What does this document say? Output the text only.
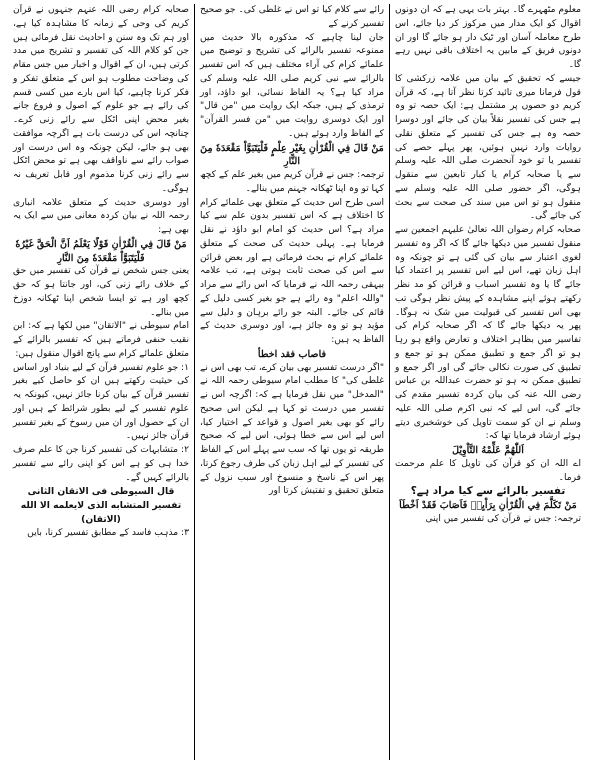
معلوم مٹھہرے گا۔ بہتر بات یہی ہے کہ ان دونوں اقوال کو ایک مدار میں مرکوز کر دیا جائے، اس طرح معاملہ آسان اور ٹیک دار ہو جائے گا اور ان دونوں فریق کے مابین یہ اختلاف باقی نہیں رہے گا۔

جیسے کہ تحقیق کے بیان میں علامہ زرکشی کا قول فرمانا میری تائید کرتا نظر آتا ہے، کہ قرآن کریم دو حصوں پر مشتمل ہے: ایک حصہ تو وہ ہے جس کی تفسیر نقلاً بیان کی جائے اور دوسرا حصہ وہ ہے جس کی تفسیر کے متعلق نقلی روایات وارد نہیں ہوئیں، پھر پہلے حصے کی تفسیر یا تو خود آنحضرت صلی اللہ علیہ وسلم سے یا صحابہ کرام یا کبار تابعین سے منقول ہوگی، اگر حضور صلی اللہ علیہ وسلم سے منقول ہو تو اس میں سند کی صحت سے بحث کی جائے گی۔

صحابہ کرام رضوان اللہ تعالیٰ علیہم اجمعین سے منقول تفسیر میں دیکھا جائے گا کہ اگر وہ تفسیر لغوی اعتبار سے بیان کی گئی ہے تو چونکہ وہ اہل زبان تھے، اس لیے اس تفسیر پر اعتماد کیا جائے گا یا وہ تفسیر اسباب و قرائن کو مد نظر رکھتے ہوئے اپنے مشاہدہ کے پیش نظر ہوگی تب بھی اس تفسیر کی قبولیت میں شک نہ ہوگا۔ پھر یہ دیکھا جائے گا کہ اگر صحابہ کرام کی تفاسیر میں بظاہر اختلاف و تعارض واقع ہو رہا ہو تو اگر جمع و تطبیق ممکن ہو تو جمع و تطبیق کی صورت نکالی جائے گی اور اگر جمع و تطبیق ممکن نہ ہو تو حضرت عبداللہ بن عباس رضی اللہ عنہ کی بیان کردہ تفسیر مقدم کی جائے گی، اس لیے کہ نبی اکرم صلی اللہ علیہ وسلم نے ان کو سمت تاویل کی خوشخبری دیتے ہوئے ارشاد فرمایا تھا کہ:

اَللّٰهُمَّ عَلِّمْهُ التَّاْوِيْلَ

اے اللہ ان کو قرآن کی تاویل کا علم مرحمت فرما۔

تفسیر بالرائے سے کیا مراد ہے؟

مَنْ تَكَلَّمَ فِي الْقُرْاٰنِ بِرَاْيِهٖ فَاَصَابَ فَقَدْ اَخْطَاَ

ترجمہ: جس نے قرآن کی تفسیر میں اپنی

رائے سے کلام کیا تو اس نے غلطی کی۔ جو صحیح تفسیر کرنے کے

جان لینا چاہیے کہ مذکورہ بالا حدیث میں ممنوعہ تفسیر بالرائے کی تشریح و توضیح میں علمائے کرام کی آراء مختلف ہیں کہ اس تفسیر بالرائے سے نبی کریم صلی اللہ علیہ وسلم کی مراد کیا ہے؟ یہ الفاظ نسائی، ابو داؤد، اور ترمذی کے ہیں، جبکہ ایک روایت میں "من قال" اور ایک دوسری روایت میں "من فسر القرآن" کے الفاظ وارد ہوئے ہیں۔

مَنْ قَالَ فِي الْقُرْاٰنِ بِغَيْرِ عِلْمٍ فَلْيَتَبَوَّاْ مَقْعَدَهٗ مِنَ النَّارِ

ترجمہ: جس نے قرآن کریم میں بغیر علم کے کچھ کہا تو وہ اپنا ٹھکانہ جہنم میں بنالے۔

اسی طرح اس حدیث کے متعلق بھی علمائے کرام کا اختلاف ہے کہ اس تفسیر بدون علم سے کیا مراد ہے؟ اس حدیث کو امام ابو داؤد نے نقل فرمایا ہے۔ پہلی حدیث کی صحت کے متعلق علمائے کرام نے بحث فرمائی ہے اور بعض قرائن سے اس کی صحت ثابت ہوتی ہے، تب علامہ بیہقی رحمہ اللہ نے فرمایا کہ اس رائے سے مراد "واللہ اعلم" وہ رائے ہے جو بغیر کسی دلیل کے قائم کی جائے۔ البتہ جو رائے برہان و دلیل سے مؤید ہو تو وہ جائز ہے، اور دوسری حدیث کے الفاظ یہ ہیں:

فاصاب فقد اخطأ

"اگر درست تفسیر بھی بیان کرے، تب بھی اس نے غلطی کی" کا مطلب امام سیوطی رحمہ اللہ نے "المدخل" میں نقل فرمایا ہے کہ: اگرچہ اس نے تفسیر میں درست تو کہا ہے لیکن اس صحیح رائے کو بھی بغیر اصول و قواعد کے اختیار کیا، اس لیے اس سے خطا ہوئی، اس لیے کہ صحیح طریقہ تو یوں تھا کہ سب سے پہلے اس کے الفاظ کی تفسیر کے لیے اہل زبان کی طرف رجوع کرتا، پھر اس کے ناسخ و منسوخ اور سبب نزول کے متعلق تحقیق و تفتیش کرتا اور

صحابہ کرام رضی اللہ عنہم جنہوں نے قرآن کریم کی وحی کے زمانہ کا مشاہدہ کیا ہے، اور ہم تک وہ سنن و احادیث نقل فرمائی ہیں جن کو کلام اللہ کی تفسیر و تشریح میں مدد کرتی ہیں، ان کے اقوال و اخبار میں جس مقام کی وضاحت مطلوب ہو اس کے متعلق تفکر و فکر کرنا چاہیے، کیا اس بارے میں کسی قسم کی رائے ہے جو علوم کے اصول و فروع جانے بغیر محض اپنی اٹکل سے رائے زنی کرے۔ چنانچہ اس کی درست بات ہے اگرچہ موافقت بھی ہو جائے، لیکن چونکہ وہ اس درست اور صواب رائے سے ناواقف بھی ہے تو محض اٹکل سے رائے زنی کرنا مذموم اور قابل تعریف نہ ہوگی۔

اور دوسری حدیث کے متعلق علامہ انباری رحمہ اللہ نے بیان کردہ معانی میں سے ایک یہ بھی ہے:

مَنْ قَالَ فِي الْقُرْاٰنِ قَوْلًا يَعْلَمُ اَنَّ الْحَقَّ غَيْرُهٗ فَلْيَتَبَوَّاْ مَقْعَدَهٗ مِنَ النَّارِ

یعنی جس شخص نے قرآن کی تفسیر میں حق کے خلاف رائے زنی کی، اور جانتا ہو کہ حق کچھ اور ہے تو ایسا شخص اپنا ٹھکانہ دوزخ میں بنالے۔

امام سیوطی نے "الاتقان" میں لکھا ہے کہ: ابن نقیب حنفی فرماتے ہیں کہ تفسیر بالرائے کے متعلق علمائے کرام سے پانچ اقوال منقول ہیں:

۱: جو علوم تفسیر قرآن کے لیے بنیاد اور اساس کی حیثیت رکھتے ہیں ان کو حاصل کیے بغیر تفسیر قرآن کے بیان کرنا جائز نہیں، کیونکہ یہ علوم تفسیر کے لیے بطور شرائط کے ہیں اور ان کے حصول اور ان میں رسوخ کے بغیر تفسیر قرآن جائز نہیں۔

۲: متشابہات کی تفسیر کرنا جن کا علم صرف خدا ہی کو ہے اس کو اپنی رائے سے تفسیر بالرائے کہیں گے۔

قال السیوطی فی الاتقان الثانی تفسیر المتشابه الذی لایعلمه الا الله (الاتقان)

۳: مذہب فاسد کے مطابق تفسیر کرنا، بایں
